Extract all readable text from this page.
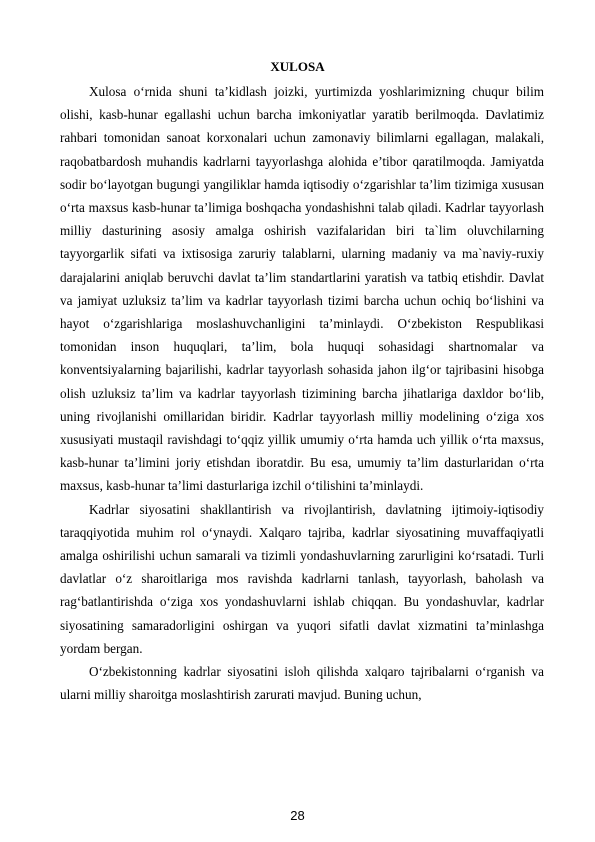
XULOSA

Xulosa o‘rnida shuni ta’kidlash joizki, yurtimizda yoshlarimizning chuqur bilim olishi, kasb-hunar egallashi uchun barcha imkoniyatlar yaratib berilmoqda. Davlatimiz rahbari tomonidan sanoat korxonalari uchun zamonaviy bilimlarni egallagan, malakali, raqobatbardosh muhandis kadrlarni tayyorlashga alohida e’tibor qaratilmoqda. Jamiyatda sodir bo‘layotgan bugungi yangiliklar hamda iqtisodiy o‘zgarishlar ta’lim tizimiga xususan o‘rta maxsus kasb-hunar ta’limiga boshqacha yondashishni talab qiladi. Kadrlar tayyorlash milliy dasturining asosiy amalga oshirish vazifalaridan biri ta`lim oluvchilarning tayyorgarlik sifati va ixtisosiga zaruriy talablarni, ularning madaniy va ma`naviy-ruxiy darajalarini aniqlab beruvchi davlat ta’lim standartlarini yaratish va tatbiq etishdir. Davlat va jamiyat uzluksiz ta’lim va kadrlar tayyorlash tizimi barcha uchun ochiq bo‘lishini va hayot o‘zgarishlariga moslashuvchanligini ta’minlaydi. O‘zbekiston Respublikasi tomonidan inson huquqlari, ta’lim, bola huquqi sohasidagi shartnomalar va konventsiyalarning bajarilishi, kadrlar tayyorlash sohasida jahon ilg‘or tajribasini hisobga olish uzluksiz ta’lim va kadrlar tayyorlash tizimining barcha jihatlariga daxldor bo‘lib, uning rivojlanishi omillaridan biridir. Kadrlar tayyorlash milliy modelining o‘ziga xos xususiyati mustaqil ravishdagi to‘qqiz yillik umumiy o‘rta hamda uch yillik o‘rta maxsus, kasb-hunar ta’limini joriy etishdan iboratdir. Bu esa, umumiy ta’lim dasturlaridan o‘rta maxsus, kasb-hunar ta’limi dasturlariga izchil o‘tilishini ta’minlaydi.

Kadrlar siyosatini shakllantirish va rivojlantirish, davlatning ijtimoiy-iqtisodiy taraqqiyotida muhim rol o‘ynaydi. Xalqaro tajriba, kadrlar siyosatining muvaffaqiyatli amalga oshirilishi uchun samarali va tizimli yondashuvlarning zarurligini ko‘rsatadi. Turli davlatlar o‘z sharoitlariga mos ravishda kadrlarni tanlash, tayyorlash, baholash va rag‘batlantirishda o‘ziga xos yondashuvlarni ishlab chiqqan. Bu yondashuvlar, kadrlar siyosatining samaradorligini oshirgan va yuqori sifatli davlat xizmatini ta’minlashga yordam bergan.

O‘zbekistonning kadrlar siyosatini isloh qilishda xalqaro tajribalarni o‘rganish va ularni milliy sharoitga moslashtirish zarurati mavjud. Buning uchun,

28
